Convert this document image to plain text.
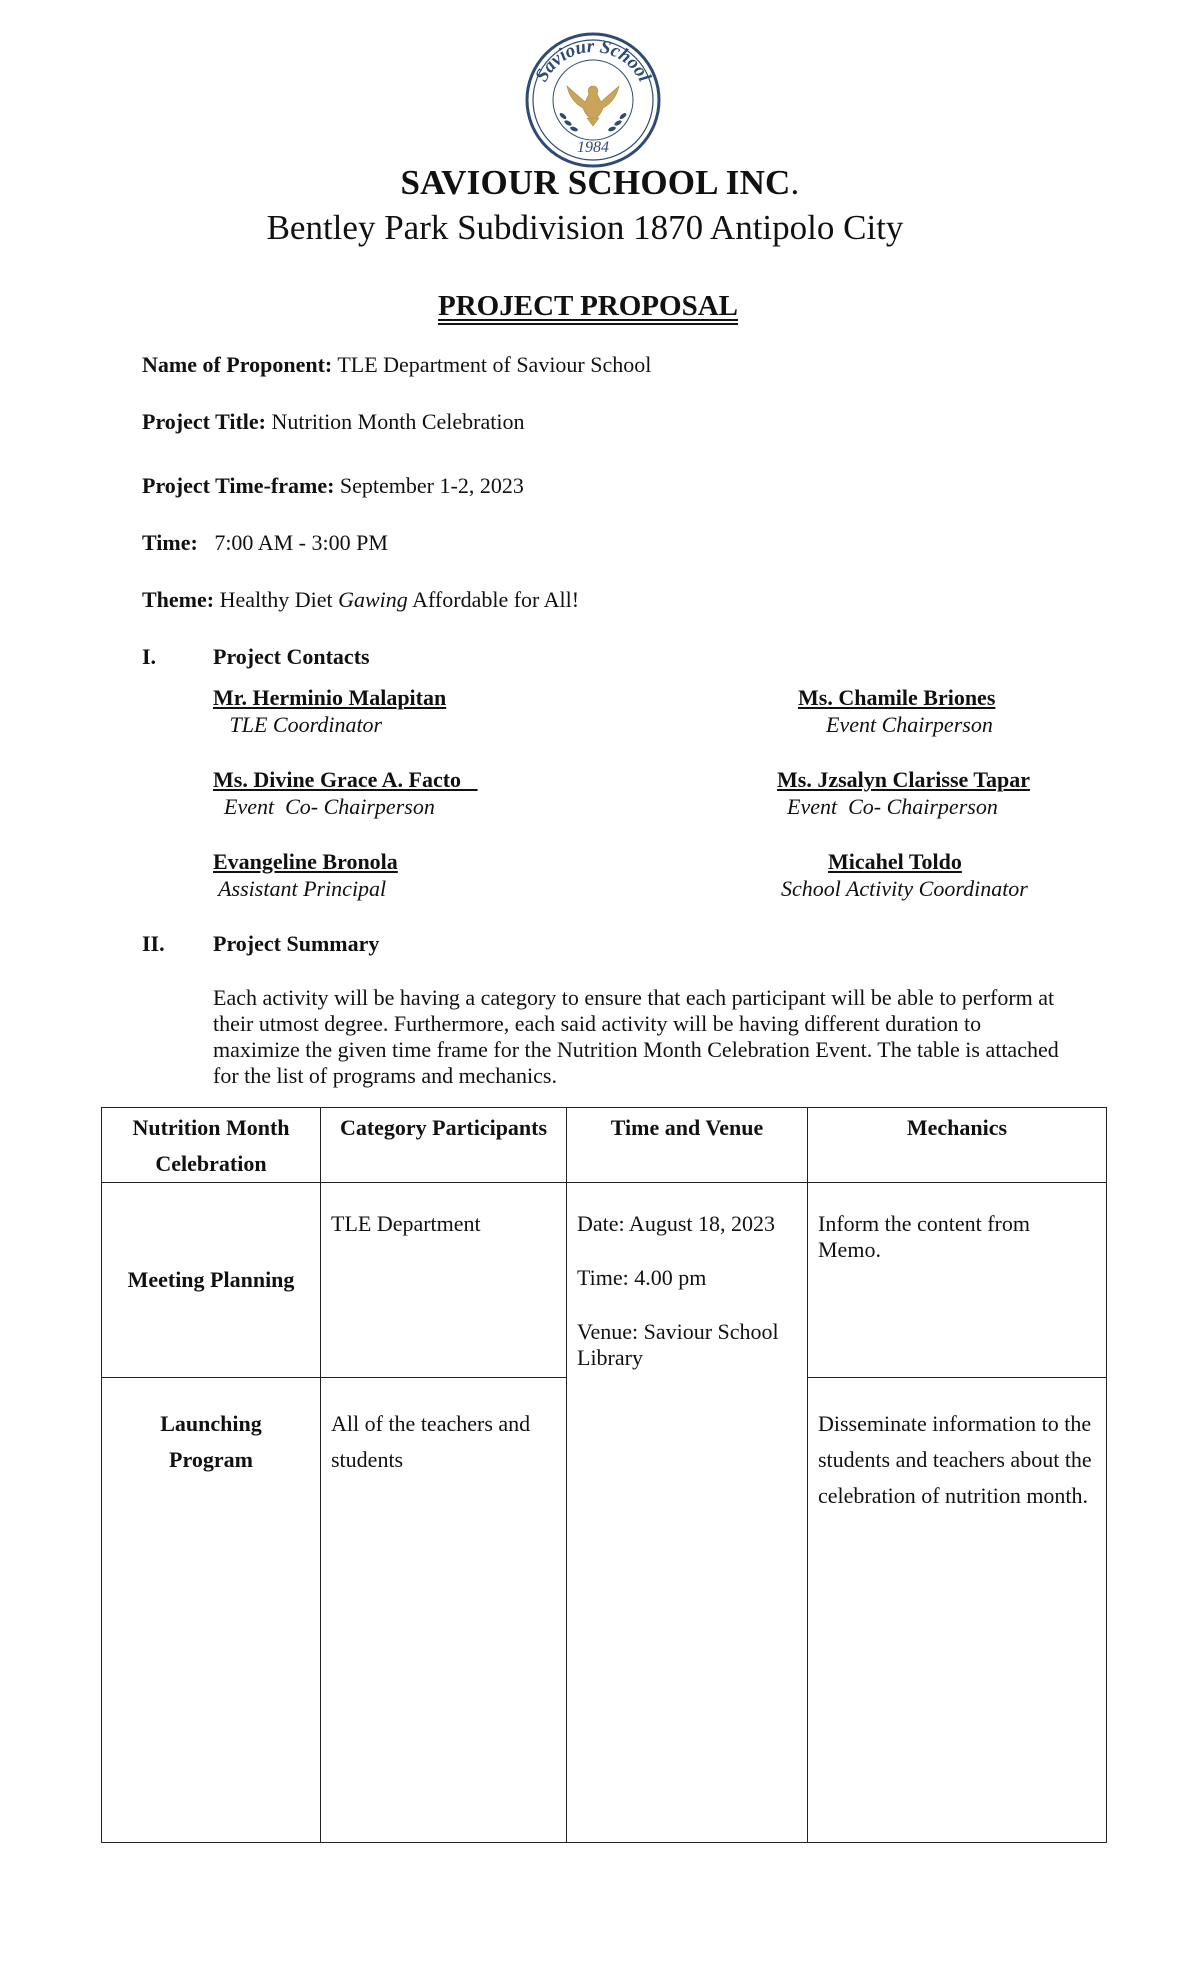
Saviour School
1984
SAVIOUR SCHOOL INC.
Bentley Park Subdivision 1870 Antipolo City
PROJECT PROPOSAL
Name of Proponent: TLE Department of Saviour School
Project Title: Nutrition Month Celebration
Project Time-frame: September 1-2, 2023
Time:   7:00 AM - 3:00 PM
Theme: Healthy Diet Gawing Affordable for All!
I.	Project Contacts
Mr. Herminio Malapitan
TLE Coordinator
Ms. Chamile Briones
Event Chairperson
Ms. Divine Grace A. Facto
Event  Co- Chairperson
Ms. Jzsalyn Clarisse Tapar
Event  Co- Chairperson
Evangeline Bronola
Assistant Principal
Micahel Toldo
School Activity Coordinator
II. Project Summary
Each activity will be having a category to ensure that each participant will be able to perform at their utmost degree. Furthermore, each said activity will be having different duration to maximize the given time frame for the Nutrition Month Celebration Event. The table is attached for the list of programs and mechanics.
Nutrition Month Celebration	Category Participants	Time and Venue	Mechanics

Meeting Planning	TLE Department	Date: August 18, 2023
Time: 4.00 pm
Venue: Saviour School Library	Inform the content from Memo.

Launching Program	All of the teachers and students		Disseminate information to the students and teachers about the celebration of nutrition month.
